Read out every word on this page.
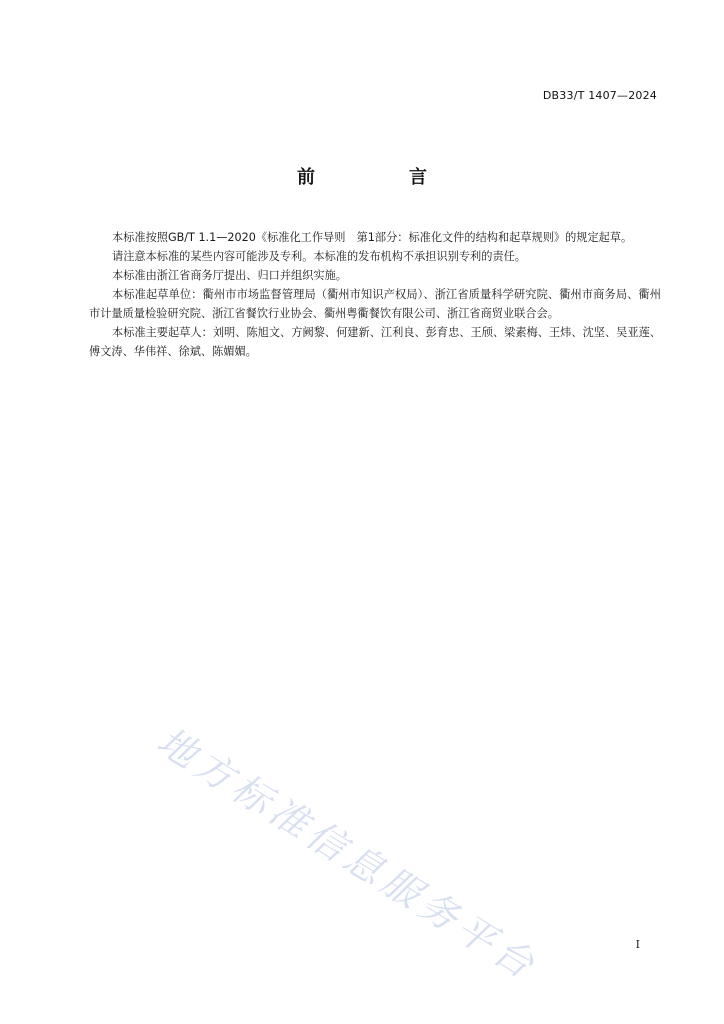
DB33/T 1407—2024
前　言

本标准按照GB/T 1.1—2020《标准化工作导则　第1部分：标准化文件的结构和起草规则》的规定起草。

请注意本标准的某些内容可能涉及专利。本标准的发布机构不承担识别专利的责任。

本标准由浙江省商务厅提出、归口并组织实施。

本标准起草单位：衢州市市场监督管理局（衢州市知识产权局）、浙江省质量科学研究院、衢州市商务局、衢州市计量质量检验研究院、浙江省餐饮行业协会、衢州粤衢餐饮有限公司、浙江省商贸业联合会。

本标准主要起草人：刘明、陈旭文、方阙黎、何建新、江利良、彭育忠、王颀、梁素梅、王炜、沈坚、吴亚莲、傅文涛、华伟祥、徐斌、陈媚媚。

地方标准信息服务平台	I
